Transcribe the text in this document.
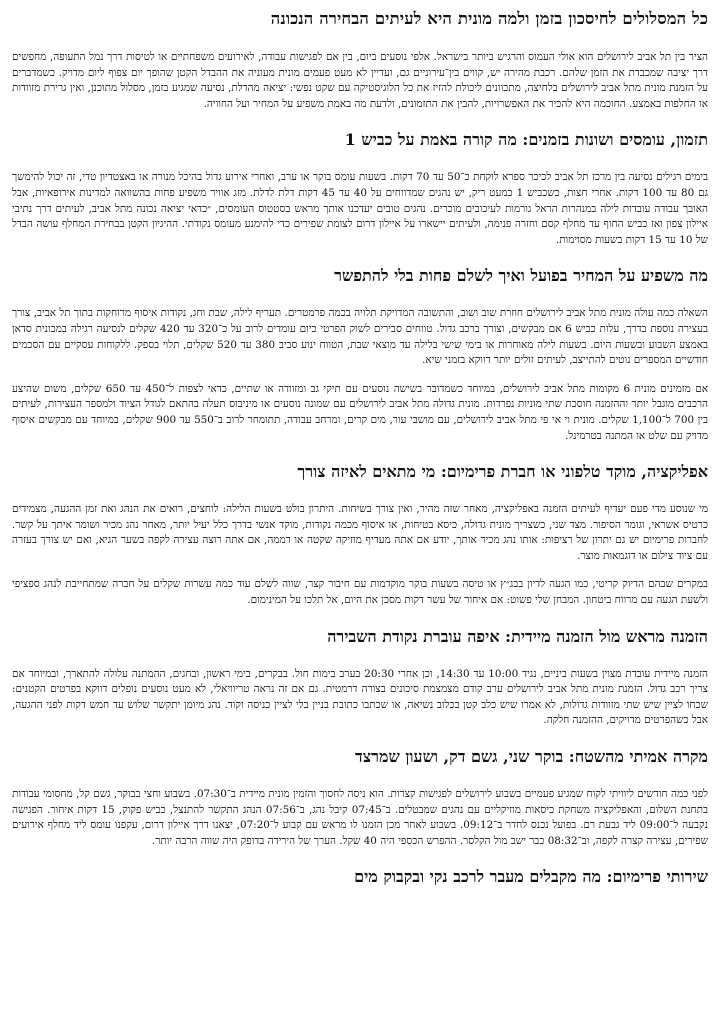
כל המסלולים לחיסכון בזמן ולמה מונית היא לעיתים הבחירה הנכונה

הציר בין תל אביב לירושלים הוא אולי העמוס והרגיש ביותר בישראל. אלפי נוסעים ביום, בין אם לפגישות עבודה, לאירועים משפחתיים או לטיסות דרך נמל התעופה, מחפשים דרך יציבה שמכבדת את הזמן שלהם. רכבת מהירה יש, קווים בין־עירוניים גם, ועדיין לא מעט פעמים מונית מעוניה את ההבדל הקטן שהופך יום צפוף ליום מדויק. כשמדברים על הזמנת מונית מתל אביב לירושלים בלחיצה, מתכוונים ליכולת להזיז את כל הלוגיסטיקה עם שקט נפשי: יציאה מהדלת, נסיעה שמגיע בזמן, מסלול מתוכנן, ואין גרירת מזוודות או החלפות באמצע. החוכמה היא להכיר את האפשרויות, להבין את התזמונים, ולדעת מה באמת משפיע על המחיר ועל החוויה.

תזמון, עומסים ושונות בזמנים: מה קורה באמת על כביש 1

בימים רגילים נסיעה בין מרכז תל אביב לכיכר ספרא לוקחת כ־50 עד 70 דקות. בשעות עומס בוקר או ערב, ואחרי אירוע גדול בהיכל מנורה או באצטדיון טדי, זה יכול להימשך גם 80 עד 100 דקות. אחרי חצות, כשכביש 1 כמעט ריק, יש נהגים שמדווחים על 40 עד 45 דקות דלת לדלת. מזג אוויר משפיע פחות בהשוואה למדינות אירופאיות, אבל האובך עבודה עובדות לילה במנהרות הראל גורמות לעיכובים מוכרים. נהגים טובים יעדכנו אותך מראש בסטטוס העומסים, ״כדאי יציאה נכונה מתל אביב, לעיתים דרך נתיבי איילון צפון ואז כביש החוף עד מחלף קסם וחזרה פנימה, ולעיתים יישארו על איילון דרום לצומת שפירים כדי להימנע מעומס נקודתי. ההיגיון הקטן בבחירת המחלף עושה הבדל של 10 עד 15 דקות בשעות מסוימות.

מה משפיע על המחיר בפועל ואיך לשלם פחות בלי להתפשר

השאלה כמה עולה מונית מתל אביב לירושלים חוזרת שוב ושוב, והתשובה המדויקת תלויה בכמה פרמטרים. תעריף לילה, שבת וחג, נקודות איסוף מרוחקות בתוך תל אביב, צורך בעצירה נוספת בדרך, עלות כביש 6 אם מבקשים, וצורך ברכב גדול. טווחים סבירים לשוק הפרטי כיום עומדים לרוב על כ־320 עד 420 שקלים לנסיעה רגילה במכונית סדאן באמצע השבוע ובשעות היום. בשעות לילה מאוחרות או בימי שישי בלילה עד מוצאי שבת, הטווח ינוע סביב 380 עד 520 שקלים, תלוי בספק. ללקוחות עסקיים עם הסכמים חודשיים המספרים נוטים להתייצב, לעיתים זולים יותר דווקא בזמני שיא.

אם מזמינים מונית 6 מקומות מתל אביב לירושלים, במיוחד כשמדובר בשישה נוסעים עם תיקי גב ומזוודה או שתיים, כדאי לצפות ל־450 עד 650 שקלים, משום שהיצע הרכבים מוגבל יותר וההזמנה חוסכת שתי מוניות נפרדות. מונית גדולה מתל אביב לירושלים עם שמונה נוסעים או מיניבוס תעלה בהתאם לגודל הציוד ולמספר העצירות, לעיתים בין 700 ל־1,100 שקלים. מונית וי אי פי מתל אביב לירושלים, עם מושבי עור, מים קרים, ומרחב עבודה, תתומחר לרוב ב־550 עד 900 שקלים, במיוחד עם מבקשים איסוף מדויק עם שלט או המתנה בטרמינל.

אפליקציה, מוקד טלפוני או חברת פרימיום: מי מתאים לאיזה צורך

מי שנוסע מדי פעם יעדיף לעיתים הזמנה באפליקציה, מאחר שזה מהיר, ואין צורך בשיחות. היתרון בולט בשעות הלילה: לוחצים, רואים את הנהג ואת זמן ההגעה, מצמידים כרטיס אשראי, וגומר הסיפור. מצד שני, כשצריך מונית גדולה, כיסא בטיחות, או איסוף מכמה נקודות, מוקד אנשי בדרך כלל יעיל יותר, מאחר נהג מכיר ושומר איתך על קשר. לחברות פרימיום יש גם יתרון של רציפות: אותו נהג מכיר אותך, יודע אם אתה מעדיף מוזיקה שקטה או דממה, אם אתה רוצה עצירה לקפה בשער הגיא, ואם יש צורך בעזרה עם ציוד צילום או דוגמאות מוצר.

במקרים שבהם הדיוק קריטי, כמו הגעה לדיון בבג״ץ או טיסה בשעות בוקר מוקדמות עם חיבור קצר, שווה לשלם עוד כמה עשרות שקלים על חברה שמתחייבת לנהג ספציפי ולשעת הגעה עם מרווח ביטחון. המבחן שלי פשוט: אם איחור של עשר דקות מסכן את היום, אל תלכו על המינימום.

הזמנה מראש מול הזמנה מיידית: איפה עוברת נקודת השבירה

הזמנה מיידית עובדת מצוין בשעות ביניים, נגיד 10:00 עד 14:30, וכן אחרי 20:30 בערב בימות חול. בבקרים, בימי ראשון, ובחגים, ההמתנה עלולה להתארך, ובמיוחד אם צריך רכב גדול. הזמנת מונית מתל אביב לירושלים ערב קודם מצמצמת סיכונים בצורה דרמטית. גם אם זה נראה טריוויאלי, לא מעט נוסעים נופלים דווקא בפרטים הקטנים: שכחו לציין שיש שתי מזוודות גדולות, לא אמרו שיש כלב קטן בכלוב נשיאה, או שכתבו כתובת בניין בלי לציין כניסה וקוד. נהג מיומן יתקשר שלוש עד חמש דקות לפני ההגעה, אבל כשהפרטים מדויקים, ההזמנה חלקה.

מקרה אמיתי מהשטח: בוקר שני, גשם דק, ושעון שמרצד

לפני כמה חודשים ליוויתי לקוח שמגיע פעמיים בשבוע לירושלים לפגישות קצרות. הוא ניסה לחסוך והזמין מונית מיידית ב־07:30. בשבוע וחצי בבוקר, גשם קל, מחסומי עבודות בתחנת השלום, והאפליקציה משחקת כיסאות מוזיקליים עם נהגים שמבטלים. ב־07:45 קיבל נהג, ב־07:56 הנהג התקשר להתנצל, כביש פקוק, 15 דקות איחור. הפגישה נקבעה ל־09:00 ליד גבעת רם. בפועל נכנס לחדר ב־09:12. בשבוע לאחר מכן הזמנו לו מראש עם קבוע ל־07:20, יצאנו דרך איילון דרום, עקפנו עומס ליד מחלף אירועים שפירים, עצירה קצרה לקפה, וב־08:32 כבר ישב מול הקלסר. ההפרש הכספי היה 40 שקל. הערך של הירידה בדופק היה שווה הרבה יותר.

שירותי פרימיום: מה מקבלים מעבר לרכב נקי ובקבוק מים
